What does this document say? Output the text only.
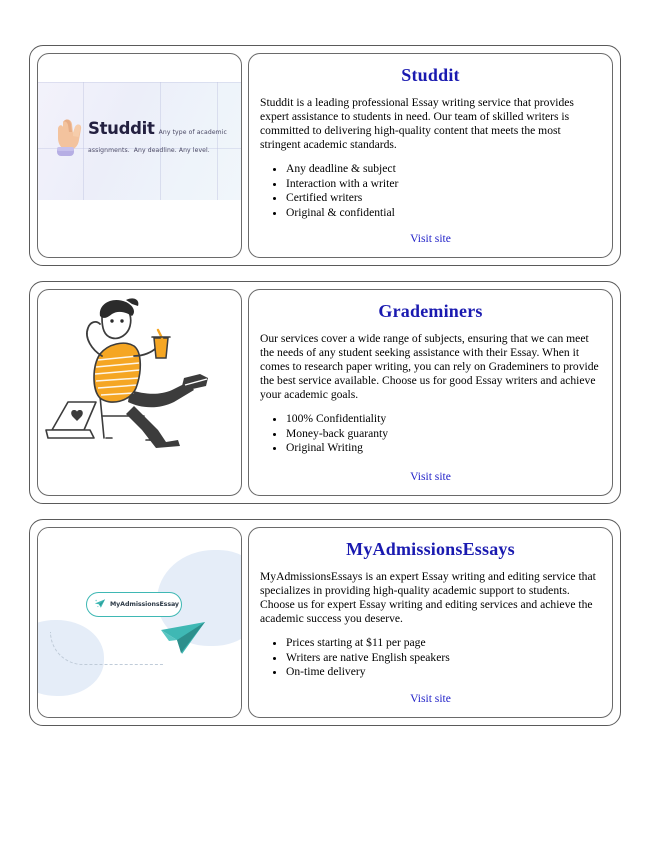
Studdit Any type of academic assignments. Any deadline. Any level.
Studdit

Studdit is a leading professional Essay writing service that provides expert assistance to students in need. Our team of skilled writers is committed to delivering high-quality content that meets the most stringent academic standards.

• Any deadline & subject
• Interaction with a writer
• Certified writers
• Original & confidential
Visit site
Grademiners

Our services cover a wide range of subjects, ensuring that we can meet the needs of any student seeking assistance with their Essay. When it comes to research paper writing, you can rely on Grademiners to provide the best service available. Choose us for good Essay writers and achieve your academic goals.

• 100% Confidentiality
• Money-back guaranty
• Original Writing
Visit site
MyAdmissionsEssay
MyAdmissionsEssays

MyAdmissionsEssays is an expert Essay writing and editing service that specializes in providing high-quality academic support to students. Choose us for expert Essay writing and editing services and achieve the academic success you deserve.

• Prices starting at $11 per page
• Writers are native English speakers
• On-time delivery
Visit site
